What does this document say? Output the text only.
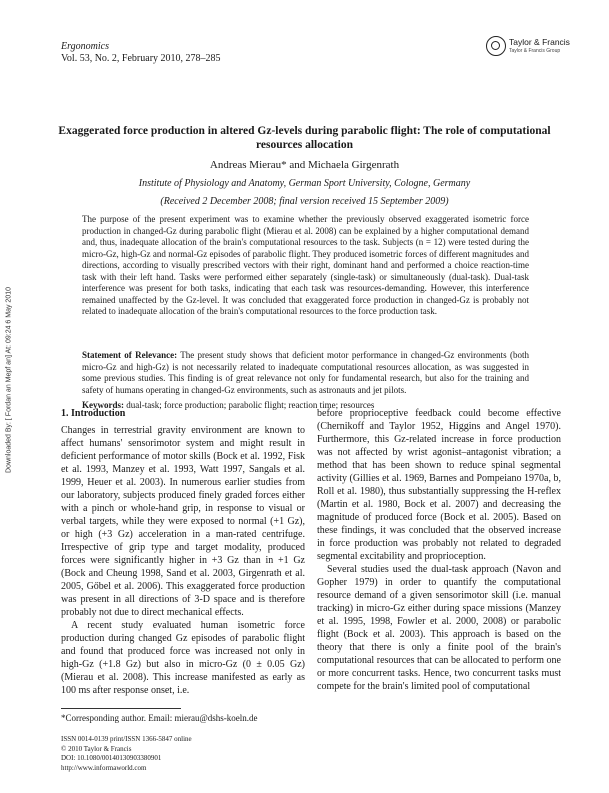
Ergonomics
Vol. 53, No. 2, February 2010, 278–285
Taylor & Francis
Taylor & Francis Group
Downloaded By: [ Fordan an Mepf an] At: 09:24 6 May 2010
Exaggerated force production in altered Gz-levels during parabolic flight: The role of computational resources allocation
Andreas Mierau* and Michaela Girgenrath
Institute of Physiology and Anatomy, German Sport University, Cologne, Germany
(Received 2 December 2008; final version received 15 September 2009)
The purpose of the present experiment was to examine whether the previously observed exaggerated isometric force production in changed-Gz during parabolic flight (Mierau et al. 2008) can be explained by a higher computational demand and, thus, inadequate allocation of the brain's computational resources to the task. Subjects (n = 12) were tested during the micro-Gz, high-Gz and normal-Gz episodes of parabolic flight. They produced isometric forces of different magnitudes and directions, according to visually prescribed vectors with their right, dominant hand and performed a choice reaction-time task with their left hand. Tasks were performed either separately (single-task) or simultaneously (dual-task). Dual-task interference was present for both tasks, indicating that each task was resources-demanding. However, this interference remained unaffected by the Gz-level. It was concluded that exaggerated force production in changed-Gz is probably not related to inadequate allocation of the brain's computational resources to the force production task.
Statement of Relevance: The present study shows that deficient motor performance in changed-Gz environments (both micro-Gz and high-Gz) is not necessarily related to inadequate computational resources allocation, as was suggested in some previous studies. This finding is of great relevance not only for fundamental research, but also for the training and safety of humans operating in changed-Gz environments, such as astronauts and jet pilots.
Keywords: dual-task; force production; parabolic flight; reaction time; resources
1. Introduction

Changes in terrestrial gravity environment are known to affect humans' sensorimotor system and might result in deficient performance of motor skills (Bock et al. 1992, Fisk et al. 1993, Manzey et al. 1993, Watt 1997, Sangals et al. 1999, Heuer et al. 2003). In numerous earlier studies from our laboratory, subjects produced finely graded forces either with a pinch or whole-hand grip, in response to visual or verbal targets, while they were exposed to normal (+1 Gz), or high (+3 Gz) acceleration in a man-rated centrifuge. Irrespective of grip type and target modality, produced forces were significantly higher in +3 Gz than in +1 Gz (Bock and Cheung 1998, Sand et al. 2003, Girgenrath et al. 2005, Gőbel et al. 2006). This exaggerated force production was present in all directions of 3-D space and is therefore probably not due to direct mechanical effects.

A recent study evaluated human isometric force production during changed Gz episodes of parabolic flight and found that produced force was increased not only in high-Gz (+1.8 Gz) but also in micro-Gz (0 ± 0.05 Gz) (Mierau et al. 2008). This increase manifested as early as 100 ms after response onset, i.e.

before proprioceptive feedback could become effective (Chernikoff and Taylor 1952, Higgins and Angel 1970). Furthermore, this Gz-related increase in force production was not affected by wrist agonist–antagonist vibration; a method that has been shown to reduce spinal segmental activity (Gillies et al. 1969, Barnes and Pompeiano 1970a, b, Roll et al. 1980), thus substantially suppressing the H-reflex (Martin et al. 1980, Bock et al. 2007) and decreasing the magnitude of produced force (Bock et al. 2005). Based on these findings, it was concluded that the observed increase in force production was probably not related to degraded segmental excitability and proprioception.

Several studies used the dual-task approach (Navon and Gopher 1979) in order to quantify the computational resource demand of a given sensorimotor skill (i.e. manual tracking) in micro-Gz either during space missions (Manzey et al. 1995, 1998, Fowler et al. 2000, 2008) or parabolic flight (Bock et al. 2003). This approach is based on the theory that there is only a finite pool of the brain's computational resources that can be allocated to perform one or more concurrent tasks. Hence, two concurrent tasks must compete for the brain's limited pool of computational

*Corresponding author. Email: mierau@dshs-koeln.de
ISSN 0014-0139 print/ISSN 1366-5847 online
© 2010 Taylor & Francis
DOI: 10.1080/00140130903380901
http://www.informaworld.com
